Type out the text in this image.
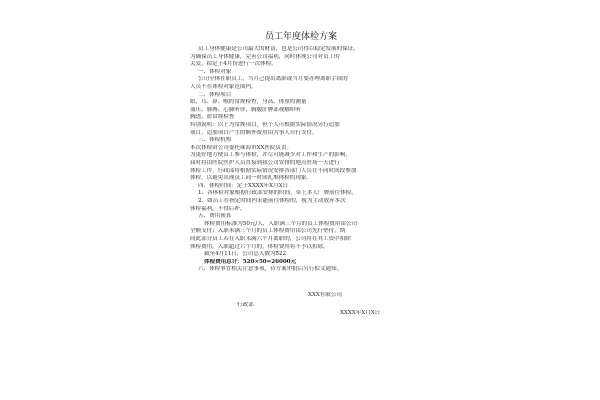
员工年度体检方案
员工身体健康是公司最大的财富，也是公司得以稳定发展的保证，
为确保员工身体健康，完善公司福利，同时体现公司对员工的
关爱，拟定于4月份进行一次体检。
一、体检对象
公司全体在职员工，当月已提出离职或当月要办理离职手续的
人员不在体检对象范围内。
二、体检项目
眼、耳、鼻、喉的常规检查，身高、体重的测量
血压、脉搏、心肺听诊，胸腹肝脾部视触叩听
胸透、血常规检查
特别说明：以上为常规项目，但个人可根据实际情况另行追加
项目，追加项目产生的额外费用由为事人自行支付。
三、体检机构
本次体检由公司委托珠海市XX医院负责。
为更好地方便员工参与体检，并尽可能减少对工作和生产的影响，
届时将由医院医护人员直接到我公司安排的地点驻场一天进行
体检工作，行政部将根据实际情况安排各部门人员在不同时间段参加
体检，以避免出现员工同一时间扎堆体检的现象。
四、体检时间：定于XXXX年X月X日
1、各体检对象根据行政部安排的时间，带上本人厂牌前往体检。
2、如员工在指定时间内未能前往体检的，视为主动放弃本次
体检福利，不得后补。
五、费用预算
体检费用标准为50元/人，入职满三个月的员工体检费用由公司
全额支付；入职未满三个月的员工体检费用由公司先行垫付，期
间此部分员工若在入职未满六个月离职的，公司将在其工资中扣除
体检费用，入职超过六个月的，体检费用将不予以扣除。
截至4月11日，公司总人数为522
体检费用总计：520×50=26000元
六、体检事宜相关注意事项，待方案审批后另行拟文通知。
XXX有限公司
行政部
XXXX年X月X日
